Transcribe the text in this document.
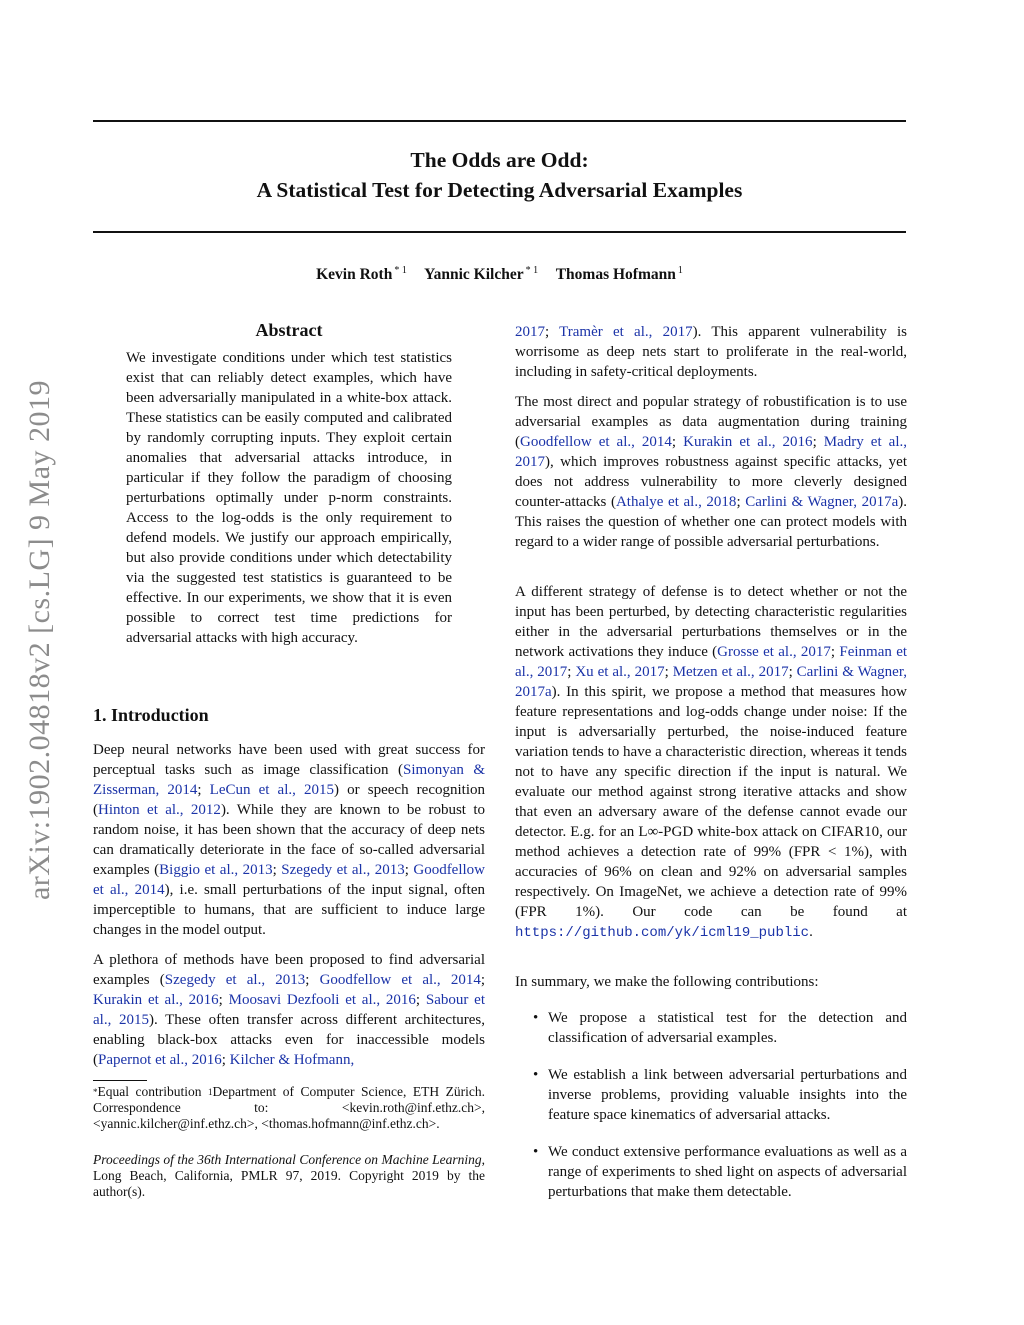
arXiv:1902.04818v2 [cs.LG] 9 May 2019
The Odds are Odd:
A Statistical Test for Detecting Adversarial Examples
Kevin Roth $^{* 1}$ Yannic Kilcher $^{* 1}$ Thomas Hofmann $^1$
Abstract

We investigate conditions under which test statistics exist that can reliably detect examples, which have been adversarially manipulated in a white-box attack. These statistics can be easily computed and calibrated by randomly corrupting inputs. They exploit certain anomalies that adversarial attacks introduce, in particular if they follow the paradigm of choosing perturbations optimally under p-norm constraints. Access to the log-odds is the only requirement to defend models. We justify our approach empirically, but also provide conditions under which detectability via the suggested test statistics is guaranteed to be effective. In our experiments, we show that it is even possible to correct test time predictions for adversarial attacks with high accuracy.

1. Introduction

Deep neural networks have been used with great success for perceptual tasks such as image classification (Simonyan & Zisserman, 2014; LeCun et al., 2015) or speech recognition (Hinton et al., 2012). While they are known to be robust to random noise, it has been shown that the accuracy of deep nets can dramatically deteriorate in the face of so-called adversarial examples (Biggio et al., 2013; Szegedy et al., 2013; Goodfellow et al., 2014), i.e. small perturbations of the input signal, often imperceptible to humans, that are sufficient to induce large changes in the model output.

A plethora of methods have been proposed to find adversarial examples (Szegedy et al., 2013; Goodfellow et al., 2014; Kurakin et al., 2016; Moosavi Dezfooli et al., 2016; Sabour et al., 2015). These often transfer across different architectures, enabling black-box attacks even for inaccessible models (Papernot et al., 2016; Kilcher & Hofmann,

*Equal contribution $^1$Department of Computer Science, ETH Zürich. Correspondence to: <kevin.roth@inf.ethz.ch>, <yannic.kilcher@inf.ethz.ch>, <thomas.hofmann@inf.ethz.ch>.
Proceedings of the 36th International Conference on Machine Learning, Long Beach, California, PMLR 97, 2019. Copyright 2019 by the author(s).

2017; Tramèr et al., 2017). This apparent vulnerability is worrisome as deep nets start to proliferate in the real-world, including in safety-critical deployments.

The most direct and popular strategy of robustification is to use adversarial examples as data augmentation during training (Goodfellow et al., 2014; Kurakin et al., 2016; Madry et al., 2017), which improves robustness against specific attacks, yet does not address vulnerability to more cleverly designed counter-attacks (Athalye et al., 2018; Carlini & Wagner, 2017a). This raises the question of whether one can protect models with regard to a wider range of possible adversarial perturbations.

A different strategy of defense is to detect whether or not the input has been perturbed, by detecting characteristic regularities either in the adversarial perturbations themselves or in the network activations they induce (Grosse et al., 2017; Feinman et al., 2017; Xu et al., 2017; Metzen et al., 2017; Carlini & Wagner, 2017a). In this spirit, we propose a method that measures how feature representations and log-odds change under noise: If the input is adversarially perturbed, the noise-induced feature variation tends to have a characteristic direction, whereas it tends not to have any specific direction if the input is natural. We evaluate our method against strong iterative attacks and show that even an adversary aware of the defense cannot evade our detector. E.g. for an L∞-PGD white-box attack on CIFAR10, our method achieves a detection rate of 99% (FPR < 1%), with accuracies of 96% on clean and 92% on adversarial samples respectively. On ImageNet, we achieve a detection rate of 99% (FPR 1%). Our code can be found at https://github.com/yk/icml19_public.

In summary, we make the following contributions:

• We propose a statistical test for the detection and classification of adversarial examples.
• We establish a link between adversarial perturbations and inverse problems, providing valuable insights into the feature space kinematics of adversarial attacks.
• We conduct extensive performance evaluations as well as a range of experiments to shed light on aspects of adversarial perturbations that make them detectable.
